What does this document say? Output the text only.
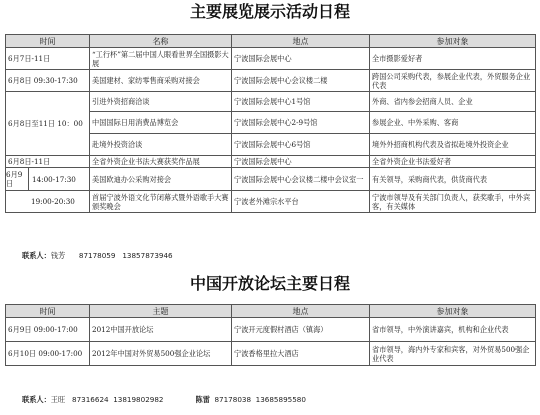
主要展览展示活动日程
时间	名称	地点	参加对象
6月7日-11日	“工行杯”第二届中国人眼看世界全国摄影大展	宁波国际会展中心	全市摄影爱好者
6月8日 09:30-17:30	美国建材、家纺零售商采购对接会	宁波国际会展中心会议楼二楼	跨国公司采购代表，参展企业代表，外贸服务企业代表
6月8日至11日 10：00	引进外资招商洽谈	宁波国际会展中心1号馆	外商、省内参会招商人员、企业
	中国国际日用消费品博览会	宁波国际会展中心2-9号馆	参展企业、中外采购、客商
	赴境外投资洽谈	宁波国际会展中心6号馆	境外外招商机构代表及省拟赴境外投资企业
6月8日-11日	全省外资企业书法大赛获奖作品展	宁波国际会展中心	全省外资企业书法爱好者

6月9日 14:00-17:30	美国欧迪办公采购对接会	宁波国际会展中心会议楼二楼中会议室一	有关领导，采购商代表，供货商代表
19:00-20:30	首届宁波外语文化节闭幕式暨外语歌手大赛颁奖晚会	宁波老外滩宗水平台	宁波市领导及有关部门负责人，获奖歌手，中外宾客，有关媒体
联系人：钱芳 87178059 13857873946
中国开放论坛主要日程
时间	主题	地点	参加对象
6月9日 09:00-17:00	2012中国开放论坛	宁波开元度假村酒店（镇海）	省市领导，中外演讲嘉宾，机构和企业代表
6月10日 09:00-17:00	2012年中国对外贸易500强企业论坛	宁波香格里拉大酒店	省市领导，海内外专家和宾客，对外贸易500强企业代表
联系人：王旺 87316624 13819802982	陈雷 87178038 13685895580
